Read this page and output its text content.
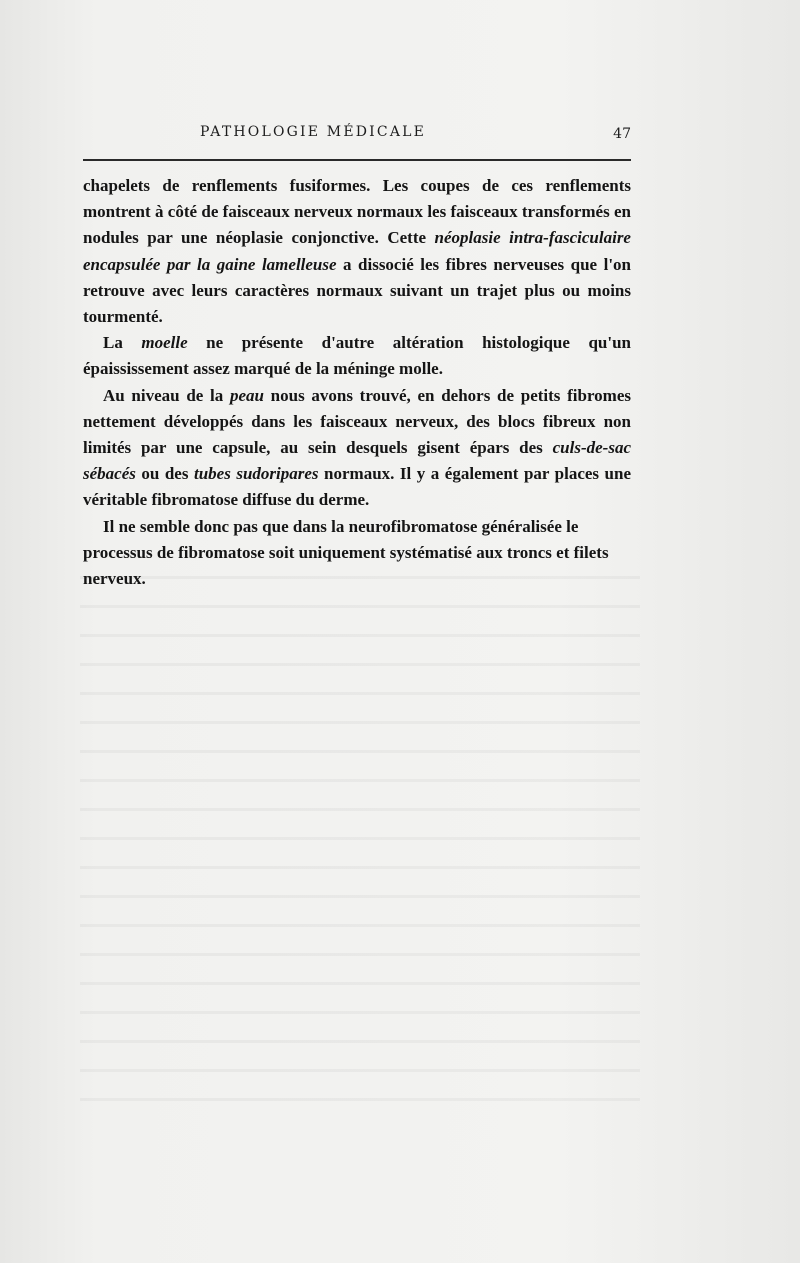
PATHOLOGIE MÉDICALE	47

chapelets de renflements fusiformes. Les coupes de ces renflements montrent à côté de faisceaux nerveux normaux les faisceaux transformés en nodules par une néoplasie conjonctive. Cette néoplasie intra-fasciculaire encapsulée par la gaine lamelleuse a dissocié les fibres nerveuses que l'on retrouve avec leurs caractères normaux suivant un trajet plus ou moins tourmenté.

La moelle ne présente d'autre altération histologique qu'un épaississement assez marqué de la méninge molle.

Au niveau de la peau nous avons trouvé, en dehors de petits fibromes nettement développés dans les faisceaux nerveux, des blocs fibreux non limités par une capsule, au sein desquels gisent épars des culs-de-sac sébacés ou des tubes sudoripares normaux. Il y a également par places une véritable fibromatose diffuse du derme.

Il ne semble donc pas que dans la neurofibromatose généralisée le processus de fibromatose soit uniquement systématisé aux troncs et filets nerveux.
